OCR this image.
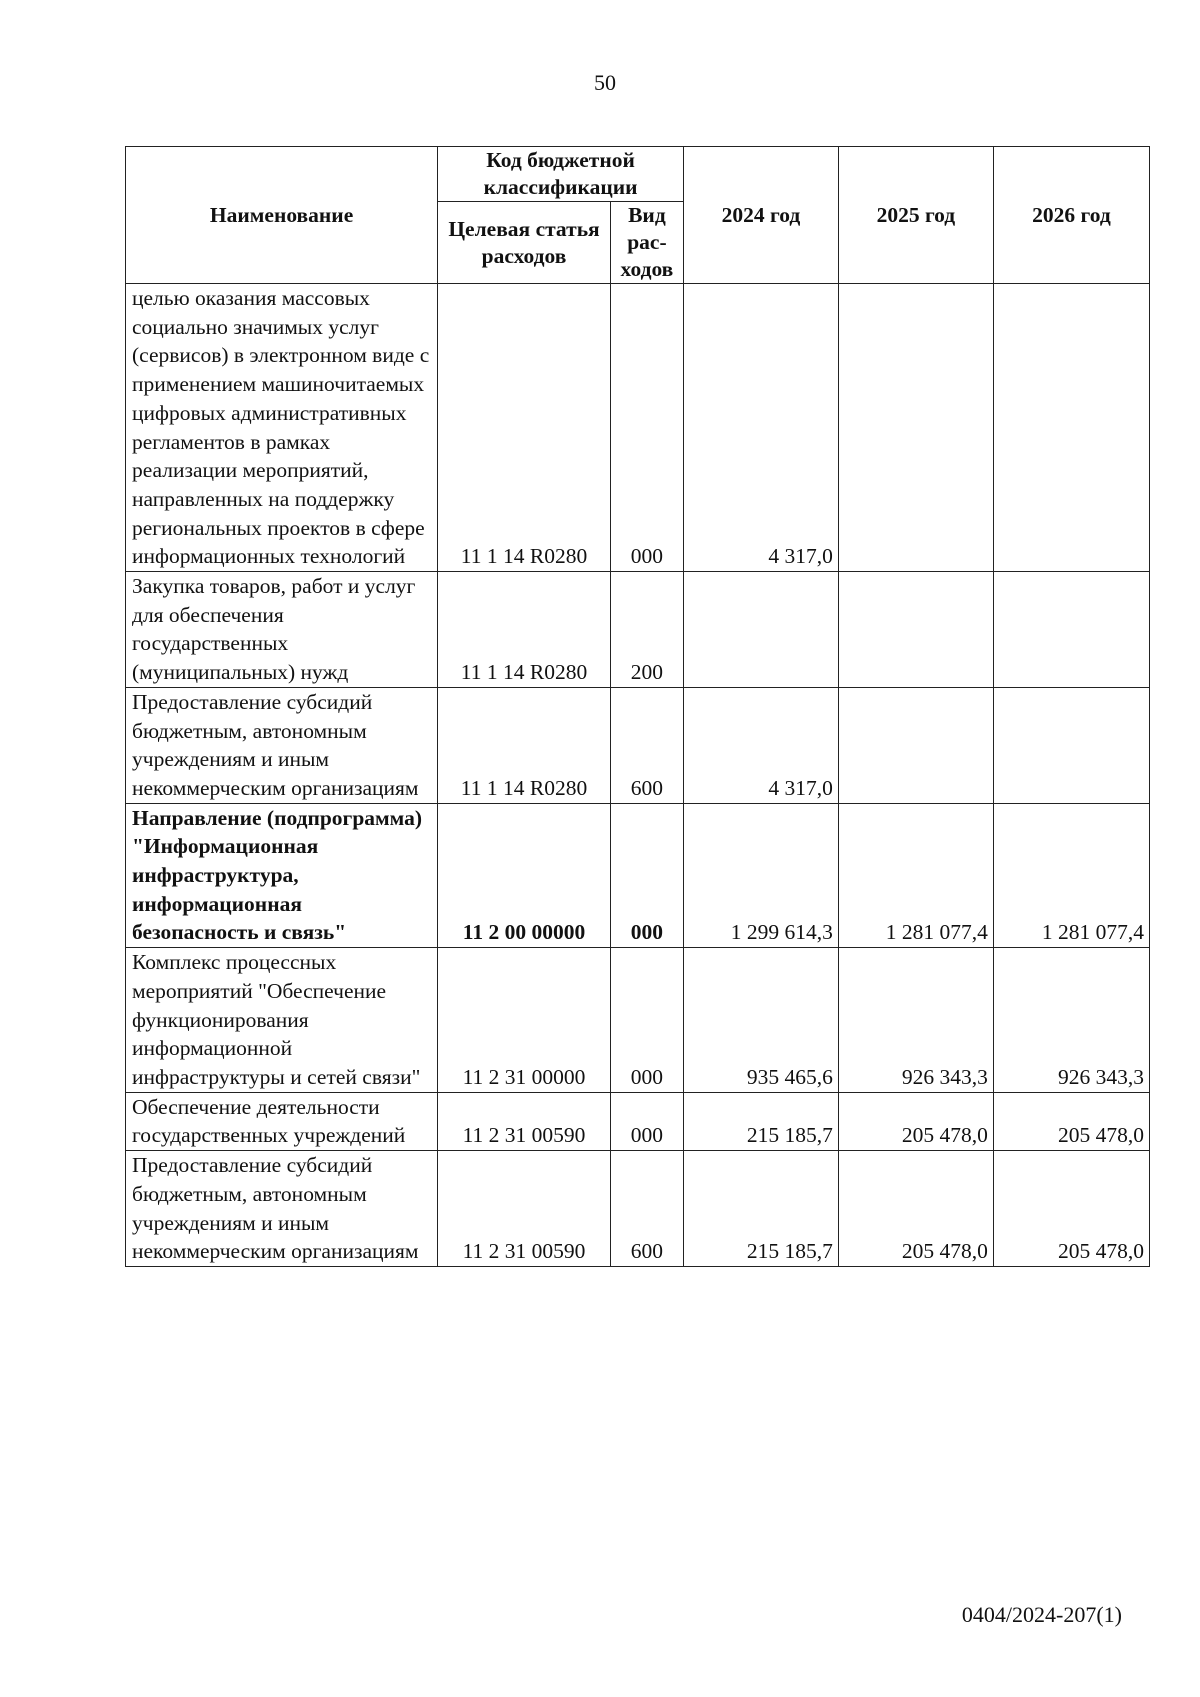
50
Наименование	Код бюджетной классификации		2024 год	2025 год	2026 год
	Целевая статья расходов	Вид рас-ходов			
целью оказания массовых социально значимых услуг (сервисов) в электронном виде с применением машиночитаемых цифровых административных регламентов в рамках реализации мероприятий, направленных на поддержку региональных проектов в сфере информационных технологий	11 1 14 R0280	000	4 317,0		
Закупка товаров, работ и услуг для обеспечения государственных (муниципальных) нужд	11 1 14 R0280	200			
Предоставление субсидий бюджетным, автономным учреждениям и иным некоммерческим организациям	11 1 14 R0280	600	4 317,0		
Направление (подпрограмма) "Информационная инфраструктура, информационная безопасность и связь"	11 2 00 00000	000	1 299 614,3	1 281 077,4	1 281 077,4
Комплекс процессных мероприятий "Обеспечение функционирования информационной инфраструктуры и сетей связи"	11 2 31 00000	000	935 465,6	926 343,3	926 343,3
Обеспечение деятельности государственных учреждений	11 2 31 00590	000	215 185,7	205 478,0	205 478,0
Предоставление субсидий бюджетным, автономным учреждениям и иным некоммерческим организациям	11 2 31 00590	600	215 185,7	205 478,0	205 478,0
0404/2024-207(1)
